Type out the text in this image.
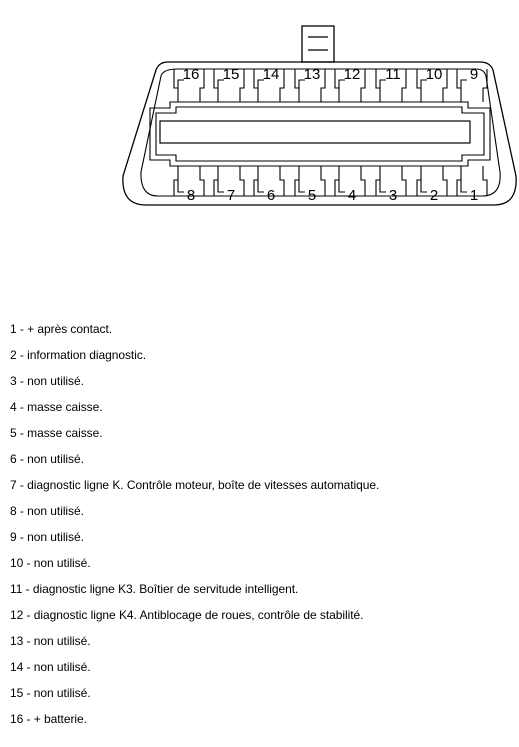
16 15 14 13 12 11 10 9
8 7 6 5 4 3 2 1
1 - + après contact.
2 - information diagnostic.
3 - non utilisé.
4 - masse caisse.
5 - masse caisse.
6 - non utilisé.
7 - diagnostic ligne K. Contrôle moteur, boîte de vitesses automatique.
8 - non utilisé.
9 - non utilisé.
10 - non utilisé.
11 - diagnostic ligne K3. Boîtier de servitude intelligent.
12 - diagnostic ligne K4. Antiblocage de roues, contrôle de stabilité.
13 - non utilisé.
14 - non utilisé.
15 - non utilisé.
16 - + batterie.
